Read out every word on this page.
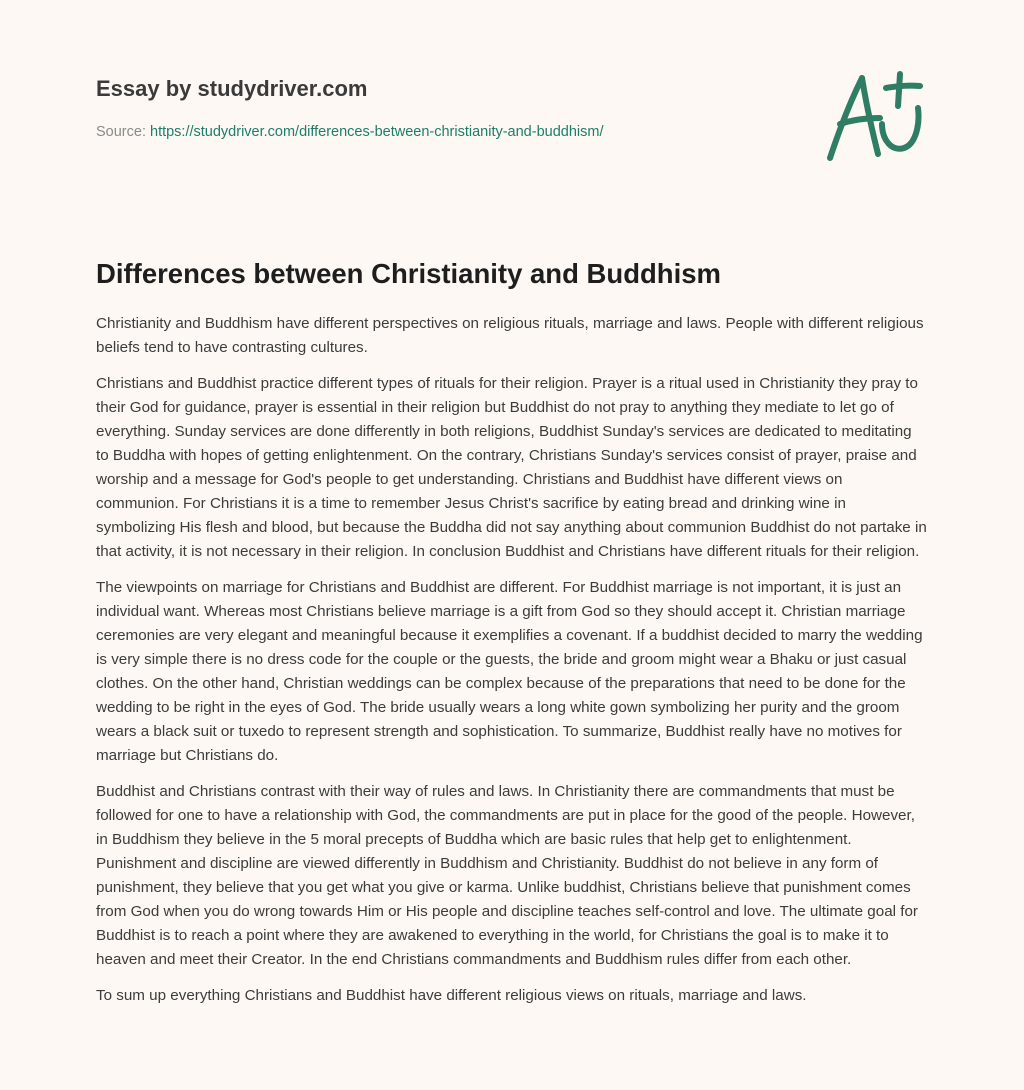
Essay by studydriver.com
Source: https://studydriver.com/differences-between-christianity-and-buddhism/
Differences between Christianity and Buddhism

Christianity and Buddhism have different perspectives on religious rituals, marriage and laws. People with different religious beliefs tend to have contrasting cultures.

Christians and Buddhist practice different types of rituals for their religion. Prayer is a ritual used in Christianity they pray to their God for guidance, prayer is essential in their religion but Buddhist do not pray to anything they mediate to let go of everything. Sunday services are done differently in both religions, Buddhist Sunday's services are dedicated to meditating to Buddha with hopes of getting enlightenment. On the contrary, Christians Sunday's services consist of prayer, praise and worship and a message for God's people to get understanding. Christians and Buddhist have different views on communion. For Christians it is a time to remember Jesus Christ's sacrifice by eating bread and drinking wine in symbolizing His flesh and blood, but because the Buddha did not say anything about communion Buddhist do not partake in that activity, it is not necessary in their religion. In conclusion Buddhist and Christians have different rituals for their religion.

The viewpoints on marriage for Christians and Buddhist are different. For Buddhist marriage is not important, it is just an individual want. Whereas most Christians believe marriage is a gift from God so they should accept it. Christian marriage ceremonies are very elegant and meaningful because it exemplifies a covenant. If a buddhist decided to marry the wedding is very simple there is no dress code for the couple or the guests, the bride and groom might wear a Bhaku or just casual clothes. On the other hand, Christian weddings can be complex because of the preparations that need to be done for the wedding to be right in the eyes of God. The bride usually wears a long white gown symbolizing her purity and the groom wears a black suit or tuxedo to represent strength and sophistication. To summarize, Buddhist really have no motives for marriage but Christians do.

Buddhist and Christians contrast with their way of rules and laws. In Christianity there are commandments that must be followed for one to have a relationship with God, the commandments are put in place for the good of the people. However, in Buddhism they believe in the 5 moral precepts of Buddha which are basic rules that help get to enlightenment. Punishment and discipline are viewed differently in Buddhism and Christianity. Buddhist do not believe in any form of punishment, they believe that you get what you give or karma. Unlike buddhist, Christians believe that punishment comes from God when you do wrong towards Him or His people and discipline teaches self-control and love. The ultimate goal for Buddhist is to reach a point where they are awakened to everything in the world, for Christians the goal is to make it to heaven and meet their Creator. In the end Christians commandments and Buddhism rules differ from each other.

To sum up everything Christians and Buddhist have different religious views on rituals, marriage and laws.
